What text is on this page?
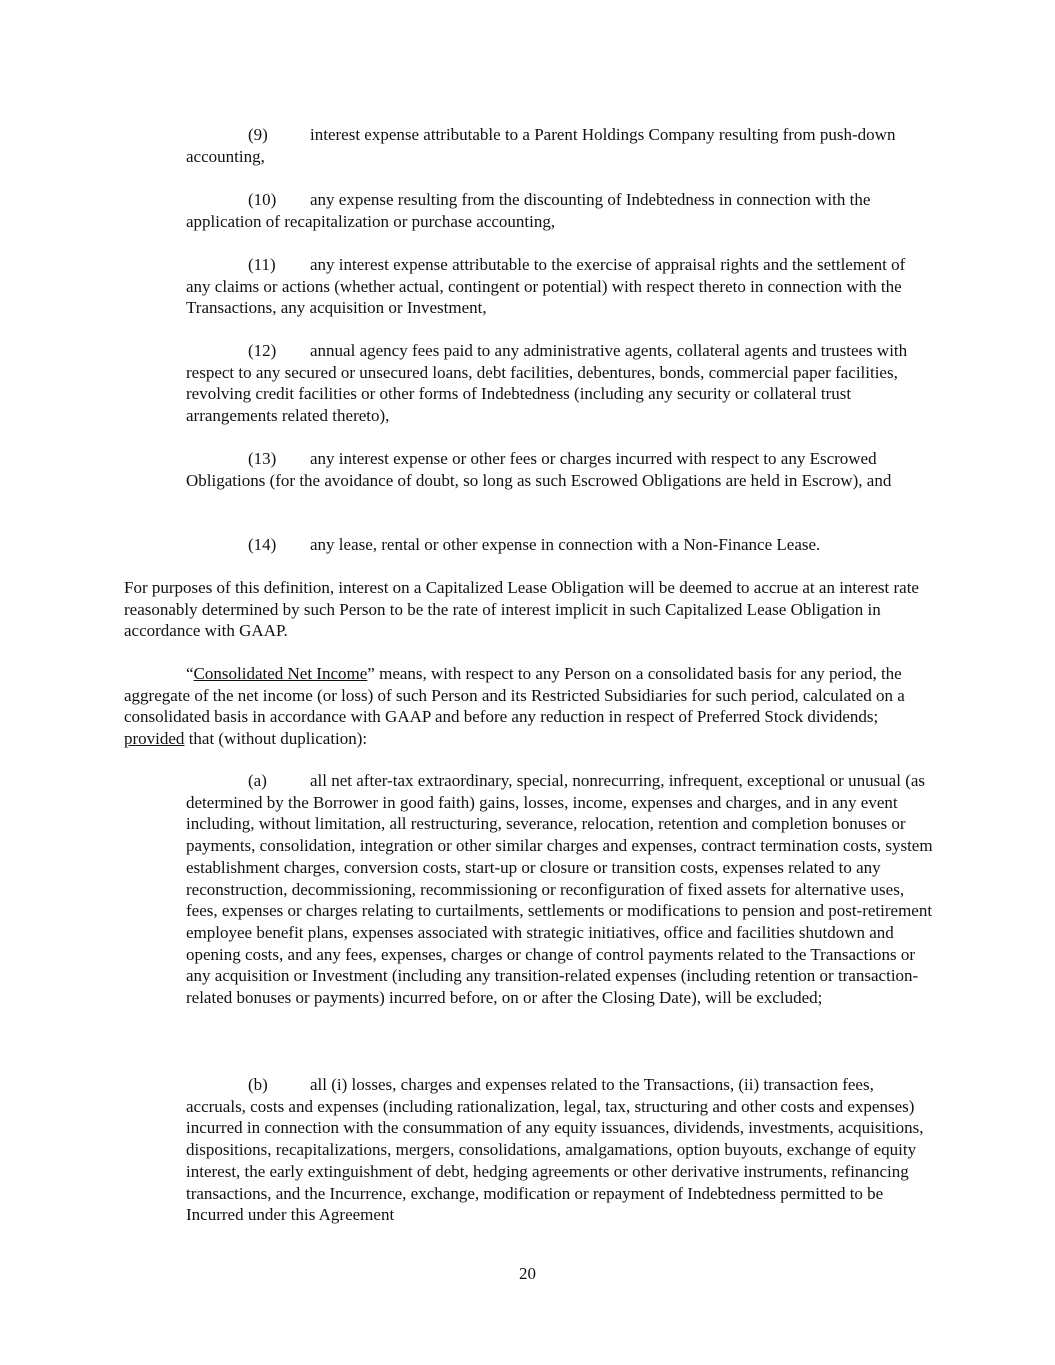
(9) interest expense attributable to a Parent Holdings Company resulting from push-down accounting,

(10) any expense resulting from the discounting of Indebtedness in connection with the application of recapitalization or purchase accounting,

(11) any interest expense attributable to the exercise of appraisal rights and the settlement of any claims or actions (whether actual, contingent or potential) with respect thereto in connection with the Transactions, any acquisition or Investment,

(12) annual agency fees paid to any administrative agents, collateral agents and trustees with respect to any secured or unsecured loans, debt facilities, debentures, bonds, commercial paper facilities, revolving credit facilities or other forms of Indebtedness (including any security or collateral trust arrangements related thereto),

(13) any interest expense or other fees or charges incurred with respect to any Escrowed Obligations (for the avoidance of doubt, so long as such Escrowed Obligations are held in Escrow), and

(14) any lease, rental or other expense in connection with a Non-Finance Lease.

For purposes of this definition, interest on a Capitalized Lease Obligation will be deemed to accrue at an interest rate reasonably determined by such Person to be the rate of interest implicit in such Capitalized Lease Obligation in accordance with GAAP.

“Consolidated Net Income” means, with respect to any Person on a consolidated basis for any period, the aggregate of the net income (or loss) of such Person and its Restricted Subsidiaries for such period, calculated on a consolidated basis in accordance with GAAP and before any reduction in respect of Preferred Stock dividends; provided that (without duplication):

(a)	all net after-tax extraordinary, special, nonrecurring, infrequent, exceptional or unusual (as determined by the Borrower in good faith) gains, losses, income, expenses and charges, and in any event including, without limitation, all restructuring, severance, relocation, retention and completion bonuses or payments, consolidation, integration or other similar charges and expenses, contract termination costs, system establishment charges, conversion costs, start-up or closure or transition costs, expenses related to any reconstruction, decommissioning, recommissioning or reconfiguration of fixed assets for alternative uses, fees, expenses or charges relating to curtailments, settlements or modifications to pension and post-retirement employee benefit plans, expenses associated with strategic initiatives, office and facilities shutdown and opening costs, and any fees, expenses, charges or change of control payments related to the Transactions or any acquisition or Investment (including any transition-related expenses (including retention or transaction-related bonuses or payments) incurred before, on or after the Closing Date), will be excluded;

(b) all (i) losses, charges and expenses related to the Transactions, (ii) transaction fees, accruals, costs and expenses (including rationalization, legal, tax, structuring and other costs and expenses) incurred in connection with the consummation of any equity issuances, dividends, investments, acquisitions, dispositions, recapitalizations, mergers, consolidations, amalgamations, option buyouts, exchange of equity interest, the early extinguishment of debt, hedging agreements or other derivative instruments, refinancing transactions, and the Incurrence, exchange, modification or repayment of Indebtedness permitted to be Incurred under this Agreement

20
